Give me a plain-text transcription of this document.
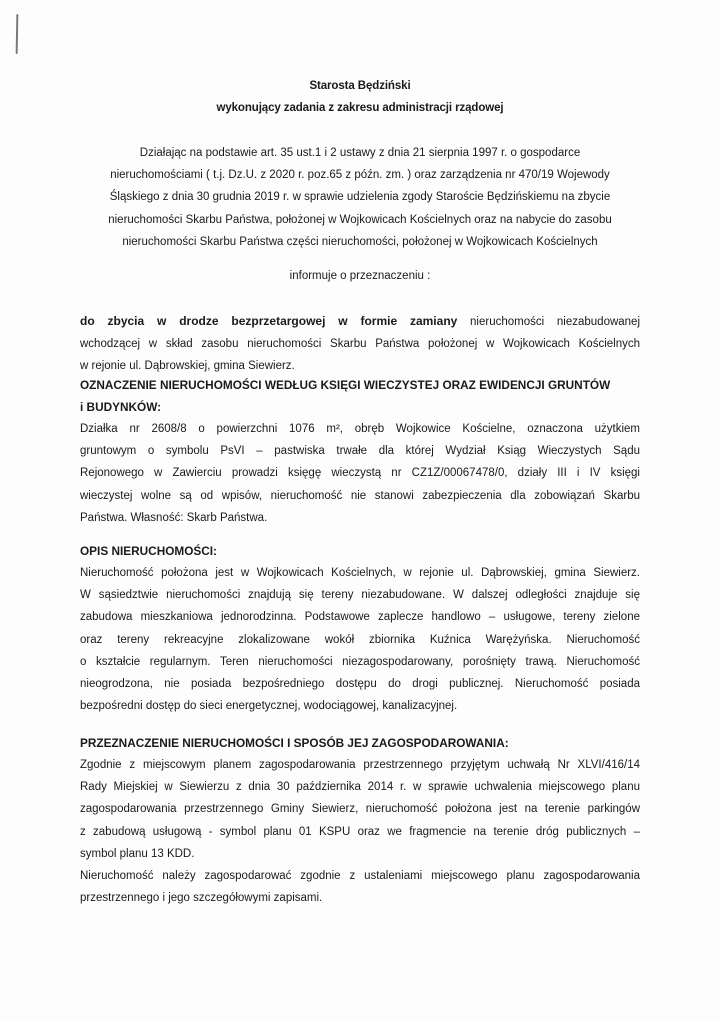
Starosta Będziński
wykonujący zadania z zakresu administracji rządowej
Działając na podstawie art. 35 ust.1 i 2 ustawy z dnia 21 sierpnia 1997 r. o gospodarce
nieruchomościami ( t.j. Dz.U. z 2020 r. poz.65 z późn. zm. ) oraz zarządzenia nr 470/19 Wojewody
Śląskiego z dnia 30 grudnia 2019 r. w sprawie udzielenia zgody Staroście Będzińskiemu na zbycie
nieruchomości Skarbu Państwa, położonej w Wojkowicach Kościelnych oraz na nabycie do zasobu
nieruchomości Skarbu Państwa części nieruchomości, położonej w Wojkowicach Kościelnych
informuje o przeznaczeniu :
do zbycia w drodze bezprzetargowej w formie zamiany nieruchomości niezabudowanej
wchodzącej w skład zasobu nieruchomości Skarbu Państwa położonej w Wojkowicach Kościelnych
w rejonie ul. Dąbrowskiej, gmina Siewierz.
OZNACZENIE NIERUCHOMOŚCI WEDŁUG KSIĘGI WIECZYSTEJ ORAZ EWIDENCJI GRUNTÓW
i BUDYNKÓW:
Działka nr 2608/8 o powierzchni 1076 m², obręb Wojkowice Kościelne, oznaczona użytkiem
gruntowym o symbolu PsVI – pastwiska trwałe dla której Wydział Ksiąg Wieczystych Sądu
Rejonowego w Zawierciu prowadzi księgę wieczystą nr CZ1Z/00067478/0, działy III i IV księgi
wieczystej wolne są od wpisów, nieruchomość nie stanowi zabezpieczenia dla zobowiązań Skarbu
Państwa. Własność: Skarb Państwa.
OPIS NIERUCHOMOŚCI:
Nieruchomość położona jest w Wojkowicach Kościelnych, w rejonie ul. Dąbrowskiej, gmina Siewierz.
W sąsiedztwie nieruchomości znajdują się tereny niezabudowane. W dalszej odległości znajduje się
zabudowa mieszkaniowa jednorodzinna. Podstawowe zaplecze handlowo – usługowe, tereny zielone
oraz tereny rekreacyjne zlokalizowane wokół zbiornika Kuźnica Warężyńska. Nieruchomość
o kształcie regularnym. Teren nieruchomości niezagospodarowany, porośnięty trawą. Nieruchomość
nieogrodzona, nie posiada bezpośredniego dostępu do drogi publicznej. Nieruchomość posiada
bezpośredni dostęp do sieci energetycznej, wodociągowej, kanalizacyjnej.
PRZEZNACZENIE NIERUCHOMOŚCI I SPOSÓB JEJ ZAGOSPODAROWANIA:
Zgodnie z miejscowym planem zagospodarowania przestrzennego przyjętym uchwałą Nr XLVI/416/14
Rady Miejskiej w Siewierzu z dnia 30 października 2014 r. w sprawie uchwalenia miejscowego planu
zagospodarowania przestrzennego Gminy Siewierz, nieruchomość położona jest na terenie parkingów
z zabudową usługową - symbol planu 01 KSPU oraz we fragmencie na terenie dróg publicznych –
symbol planu 13 KDD.
Nieruchomość należy zagospodarować zgodnie z ustaleniami miejscowego planu zagospodarowania
przestrzennego i jego szczegółowymi zapisami.
